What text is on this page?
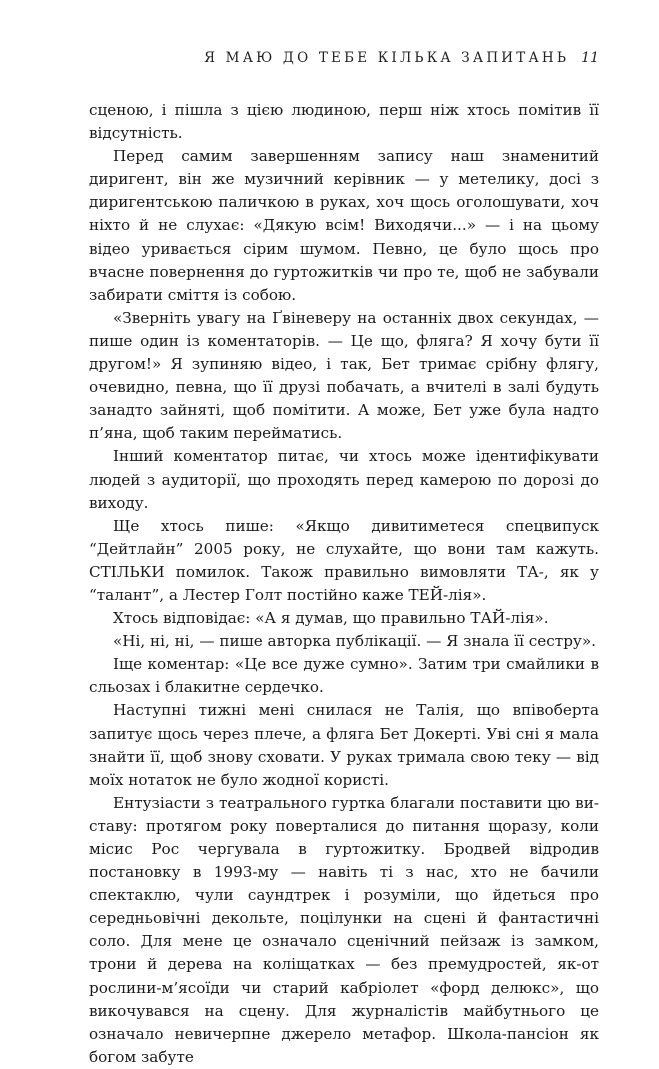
Я МАЮ ДО ТЕБЕ КІЛЬКА ЗАПИТАНЬ 11

сценою, і пішла з цією людиною, перш ніж хтось помітив її відсутність.

Перед самим завершенням запису наш знаменитий диригент, він же музичний керівник — у метелику, досі з диригентською паличкою в руках, хоч щось оголошувати, хоч ніхто й не слухає: «Дякую всім! Виходячи...» — і на цьому відео уривається сірим шумом. Певно, це було щось про вчасне повернення до гуртожитків чи про те, щоб не забували забирати сміття із собою.

«Зверніть увагу на Ґвіневеру на останніх двох секундах, — пише один із коментаторів. — Це що, фляга? Я хочу бути її другом!» Я зупиняю відео, і так, Бет тримає срібну флягу, очевидно, певна, що її друзі побачать, а вчителі в залі будуть занадто зайняті, щоб помітити. А може, Бет уже була надто п’яна, щоб таким перейматись.

Інший коментатор питає, чи хтось може ідентифікувати людей з аудиторії, що проходять перед камерою по дорозі до виходу.

Ще хтось пише: «Якщо дивитиметеся спецвипуск “Дейтлайн” 2005 року, не слухайте, що вони там кажуть. СТІЛЬКИ помилок. Також правильно вимовляти ТА-, як у “талант”, а Лестер Голт постійно каже ТЕЙ-лія».

Хтось відповідає: «А я думав, що правильно ТАЙ-лія».

«Ні, ні, ні, — пише авторка публікації. — Я знала її сестру».

Іще коментар: «Це все дуже сумно». Затим три смайлики в сльозах і блакитне сердечко.

Наступні тижні мені снилася не Талія, що впівоберта запитує щось через плече, а фляга Бет Докерті. Уві сні я мала знайти її, щоб знову сховати. У руках тримала свою теку — від моїх нотаток не було жодної користі.

Ентузіасти з театрального гуртка благали поставити цю виставу: протягом року поверталися до питання щоразу, коли місис Рос чергувала в гуртожитку. Бродвей відродив постановку в 1993-му — навіть ті з нас, хто не бачили спектаклю, чули саундтрек і розуміли, що йдеться про середньовічні декольте, поцілунки на сцені й фантастичні соло. Для мене це означало сценічний пейзаж із замком, трони й дерева на коліщатках — без премудростей, як-от рослини-м’ясоїди чи старий кабріолет «форд делюкс», що викочувався на сцену. Для журналістів майбутнього це означало невичерпне джерело метафор. Школа-пансіон як богом забуте
